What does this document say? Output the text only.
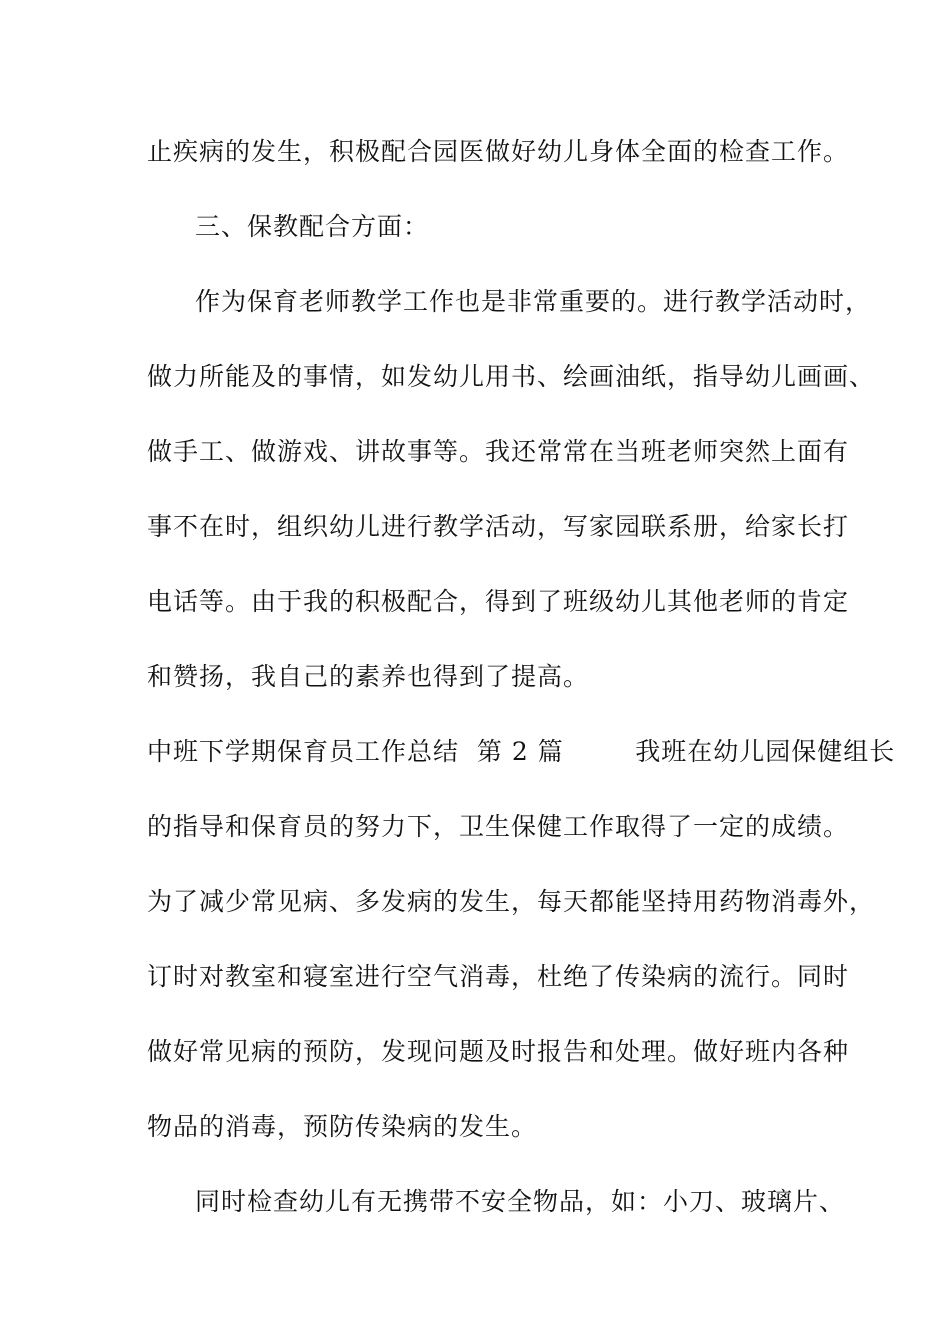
止疾病的发生，积极配合园医做好幼儿身体全面的检查工作。
三、保教配合方面：
作为保育老师教学工作也是非常重要的。进行教学活动时，
做力所能及的事情，如发幼儿用书、绘画油纸，指导幼儿画画、
做手工、做游戏、讲故事等。我还常常在当班老师突然上面有
事不在时，组织幼儿进行教学活动，写家园联系册，给家长打
电话等。由于我的积极配合，得到了班级幼儿其他老师的肯定
和赞扬，我自己的素养也得到了提高。
中班下学期保育员工作总结  第 2 篇        我班在幼儿园保健组长
的指导和保育员的努力下，卫生保健工作取得了一定的成绩。
为了减少常见病、多发病的发生，每天都能坚持用药物消毒外，
订时对教室和寝室进行空气消毒，杜绝了传染病的流行。同时
做好常见病的预防，发现问题及时报告和处理。做好班内各种
物品的消毒，预防传染病的发生。
同时检查幼儿有无携带不安全物品，如：小刀、玻璃片、
